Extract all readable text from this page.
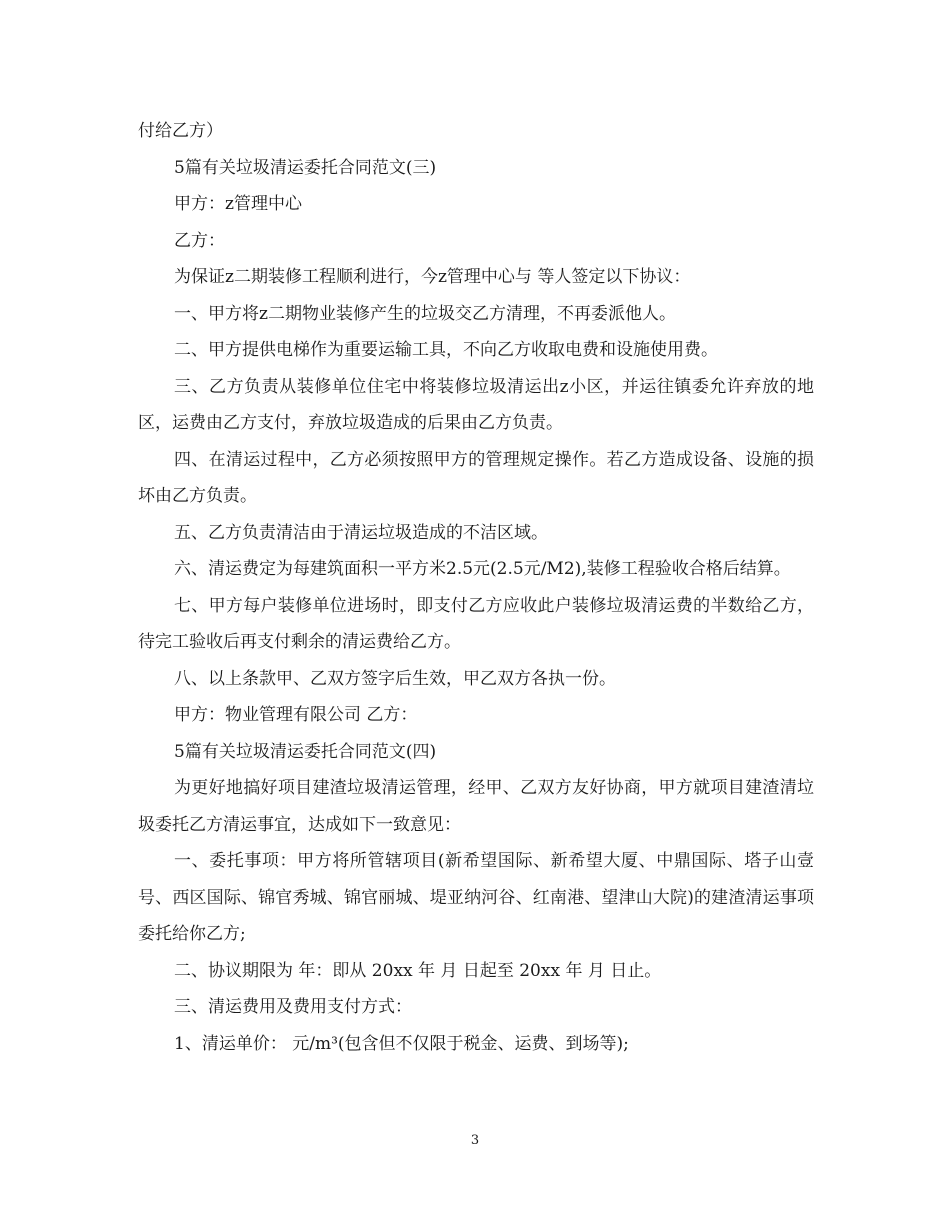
付给乙方）

5篇有关垃圾清运委托合同范文(三)

甲方：z管理中心

乙方：

为保证z二期装修工程顺利进行，今z管理中心与 等人签定以下协议：

一、甲方将z二期物业装修产生的垃圾交乙方清理，不再委派他人。

二、甲方提供电梯作为重要运输工具，不向乙方收取电费和设施使用费。

三、乙方负责从装修单位住宅中将装修垃圾清运出z小区，并运往镇委允许弃放的地区，运费由乙方支付，弃放垃圾造成的后果由乙方负责。

四、在清运过程中，乙方必须按照甲方的管理规定操作。若乙方造成设备、设施的损坏由乙方负责。

五、乙方负责清洁由于清运垃圾造成的不洁区域。

六、清运费定为每建筑面积一平方米2.5元(2.5元/M2),装修工程验收合格后结算。

七、甲方每户装修单位进场时，即支付乙方应收此户装修垃圾清运费的半数给乙方，待完工验收后再支付剩余的清运费给乙方。

八、以上条款甲、乙双方签字后生效，甲乙双方各执一份。

甲方：物业管理有限公司 乙方：

5篇有关垃圾清运委托合同范文(四)

为更好地搞好项目建渣垃圾清运管理，经甲、乙双方友好协商，甲方就项目建渣清垃圾委托乙方清运事宜，达成如下一致意见：

一、委托事项：甲方将所管辖项目(新希望国际、新希望大厦、中鼎国际、塔子山壹号、西区国际、锦官秀城、锦官丽城、堤亚纳河谷、红南港、望津山大院)的建渣清运事项委托给你乙方;

二、协议期限为 年：即从 20xx 年 月 日起至 20xx 年 月 日止。

三、清运费用及费用支付方式：

1、清运单价： 元/m³(包含但不仅限于税金、运费、到场等);

3
